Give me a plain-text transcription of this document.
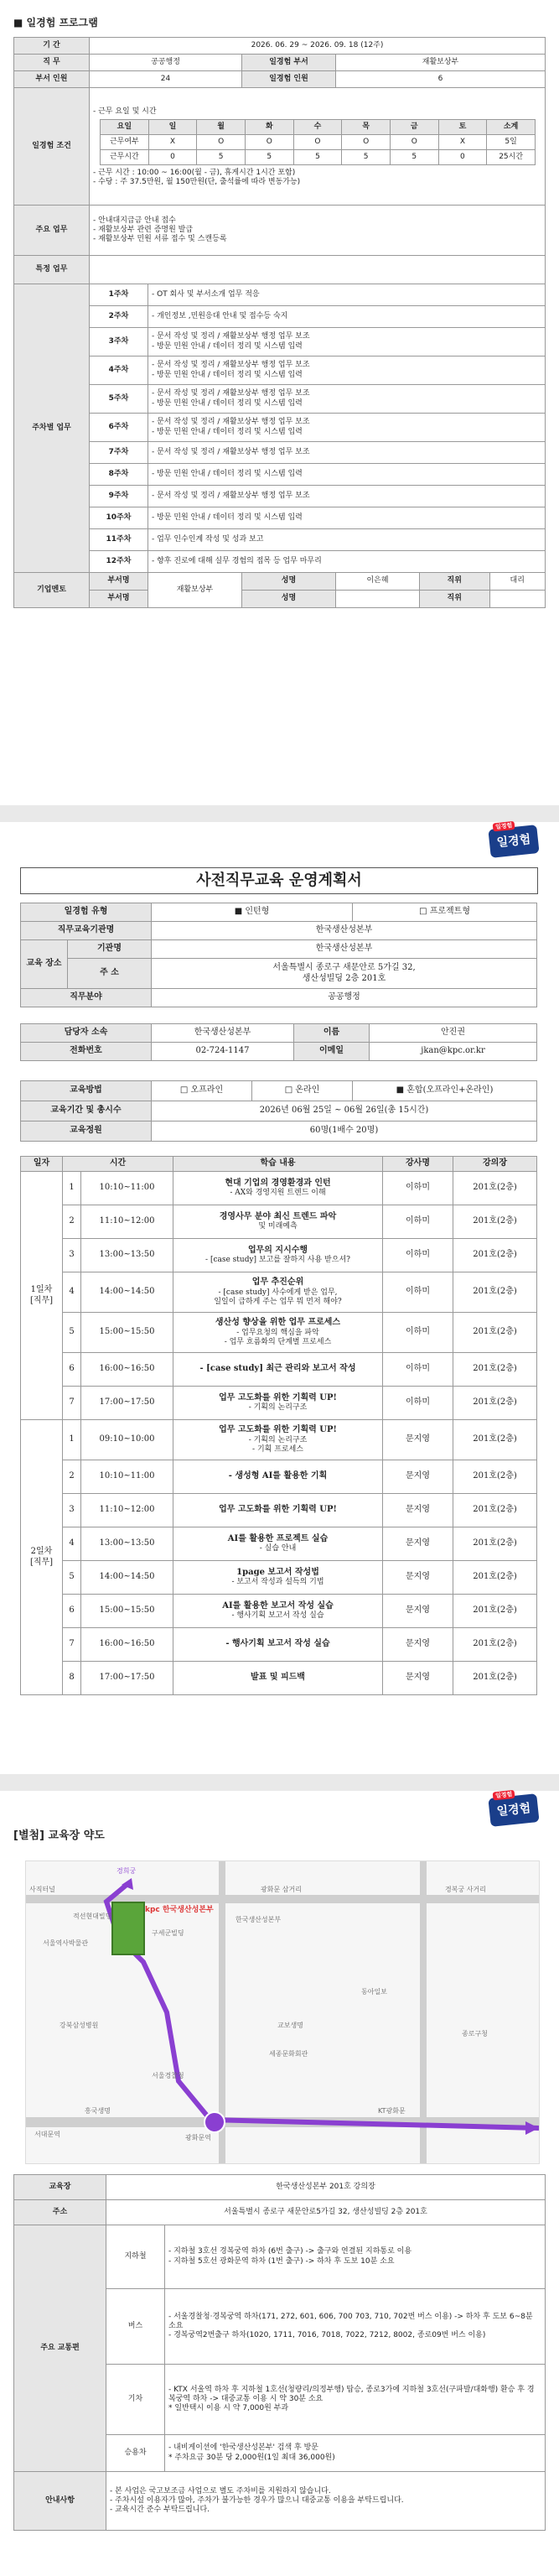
■ 일경험 프로그램
기 간	2026. 06. 29 ~ 2026. 09. 18 (12주)
직 무	공공행정	일경험 부서	재활보상부
부서 인원	24	일경험 인원	6
일경험 조건	
- 근무 요일 및 시간
요일	일	월	화	수	목	금	토	소계
근무여부	X	O	O	O	O	O	X	5일
근무시간	0	5	5	5	5	5	0	25시간
- 근무 시간 : 10:00 ~ 16:00(월 - 금), 휴게시간 1시간 포함)
- 수당 : 주 37.5만원, 월 150만원(단, 출석률에 따라 변동가능)

주요 업무	
- 안내대지급금 안내 접수
- 재활보상부 관련 증명원 발급
- 재활보상부 민원 서류 접수 및 스캔등록

특정 업무	
주차별 업무	1주차	- OT 회사 및 부서소개 업무 적응

2주차	- 개인정보 ,민원응대 안내 및 접수등 숙지

3주차	
- 문서 작성 및 정리 / 재활보상부 행정 업무 보조
- 방문 민원 안내 / 데이터 정리 및 시스템 입력

4주차	
- 문서 작성 및 정리 / 재활보상부 행정 업무 보조
- 방문 민원 안내 / 데이터 정리 및 시스템 입력

5주차	
- 문서 작성 및 정리 / 재활보상부 행정 업무 보조
- 방문 민원 안내 / 데이터 정리 및 시스템 입력

6주차	
- 문서 작성 및 정리 / 재활보상부 행정 업무 보조
- 방문 민원 안내 / 데이터 정리 및 시스템 입력

7주차	- 문서 작성 및 정리 / 재활보상부 행정 업무 보조

8주차	- 방문 민원 안내 / 데이터 정리 및 시스템 입력

9주차	- 문서 작성 및 정리 / 재활보상부 행정 업무 보조

10주차	- 방문 민원 안내 / 데이터 정리 및 시스템 입력

11주차	- 업무 인수인계 작성 및 성과 보고

12주차	- 향후 진로에 대해 실무 경험의 접목 등 업무 마무리

기업멘토	부서명	재활보상부	성명	이은혜		직위	대리

부서명	성명			직위	
일경험
일경험
사전직무교육 운영계획서
일경험 유형		■ 인턴형	□ 프로젝트형
직무교육기관명		한국생산성본부	
교육 장소	기관명	한국생산성본부	
	주 소	서울특별시 종로구 새문안로 5가길 32,
생산성빌딩 2층 201호	

직무분야		공공행정	
담당자 소속	한국생산성본부	이름	안진권
전화번호	02-724-1147	이메일	jkan@kpc.or.kr
교육방법	□ 오프라인	□ 온라인	■ 혼합(오프라인+온라인)
교육기간 및 총시수	2026년 06월 25일 ~ 06월 26일(총 15시간)		
교육정원	60명(1배수 20명)		
일자	시간		학습 내용	강사명	강의장
1일차 [직무]	1	10:10~11:00	현대 기업의 경영환경과 인턴
- AX와 경영지원 트렌드 이해	이하미	201호(2층)
	2	11:10~12:00	경영사무 분야 최신 트렌드 파악
및 미래예측	이하미	201호(2층)
	3	13:00~13:50	업무의 지시수행
- [case study] 보고를 잘하지 사용 받으셔?	이하미	201호(2층)
	4	14:00~14:50	업무 추진순위
- [case study] 사수에게 받은 업무,
일일이 급하게 주는 업무 뭐 먼저 해야?	이하미	201호(2층)
	5	15:00~15:50	생산성 향상을 위한 업무 프로세스
- 업무요청의 핵심을 파악
- 업무 흐름화의 단계별 프로세스	이하미	201호(2층)
	6	16:00~16:50	- [case study] 최근 관리와 보고서 작성	이하미	201호(2층)
	7	17:00~17:50	업무 고도화를 위한 기획력 UP!
- 기획의 논리구조	이하미	201호(2층)
2일차 [직무]	1	09:10~10:00	업무 고도화를 위한 기획력 UP!
- 기획의 논리구조
- 기획 프로세스	문지영	201호(2층)
	2	10:10~11:00	- 생성형 AI를 활용한 기획	문지영	201호(2층)
	3	11:10~12:00	업무 고도화를 위한 기획력 UP!	문지영	201호(2층)
	4	13:00~13:50	AI를 활용한 프로젝트 실습
- 실습 안내	문지영	201호(2층)
	5	14:00~14:50	1page 보고서 작성법
- 보고서 작성과 설득의 기법	문지영	201호(2층)
	6	15:00~15:50	AI를 활용한 보고서 작성 실습
- 행사기획 보고서 작성 실습	문지영	201호(2층)
	7	16:00~16:50	- 행사기획 보고서 작성 실습	문지영	201호(2층)
	8	17:00~17:50	발표 및 피드백	문지영	201호(2층)
일경험
일경험
[별첨] 교육장 약도
kpc 한국생산성본부
사직터널
경희궁
광화문 삼거리	경복궁 사거리
서울역사박물관
적선현대빌딩
구세군빌딩
한국생산성본부
강북삼성병원	교보생명
동아일보
세종문화회관
서울경찰청
KT광화문
흥국생명
서대문역	광화문역
종로구청
교육장	한국생산성본부 201호 강의장	
주소	서울특별시 종로구 새문안로5가길 32, 생산성빌딩 2층 201호	
주요 교통편	지하철	- 지하철 3호선 경복궁역 하차 (6번 출구) -> 출구와 연결된 지하통로 이용
- 지하철 5호선 광화문역 하차 (1번 출구) -> 하차 후 도보 10분 소요

	버스	- 서울경찰청·경복궁역 하차(171, 272, 601, 606, 700 703, 710, 702번 버스 이용) -> 하차 후 도보 6~8분 소요
- 경복궁역2번출구 하차(1020, 1711, 7016, 7018, 7022, 7212, 8002, 종로09번 버스 이용)

	기차	- KTX 서울역 하차 후 지하철 1호선(청량리/의정부행) 탑승, 종로3가에 지하철 3호선(구파발/대화행) 환승 후 경복궁역 하차 -> 대중교통 이용 시 약 30분 소요
* 일반택시 이용 시 약 7,000원 부과

	승용차	- 내비게이션에 '한국생산성본부' 검색 후 방문
* 주차요금 30분 당 2,000원(1일 최대 36,000원)

안내사항	- 본 사업은 국고보조금 사업으로 별도 주차비를 지원하지 않습니다.
- 주차시설 이용자가 많아, 주차가 불가능한 경우가 많으니 대중교통 이용을 부탁드립니다.
- 교육시간 준수 부탁드립니다.	
